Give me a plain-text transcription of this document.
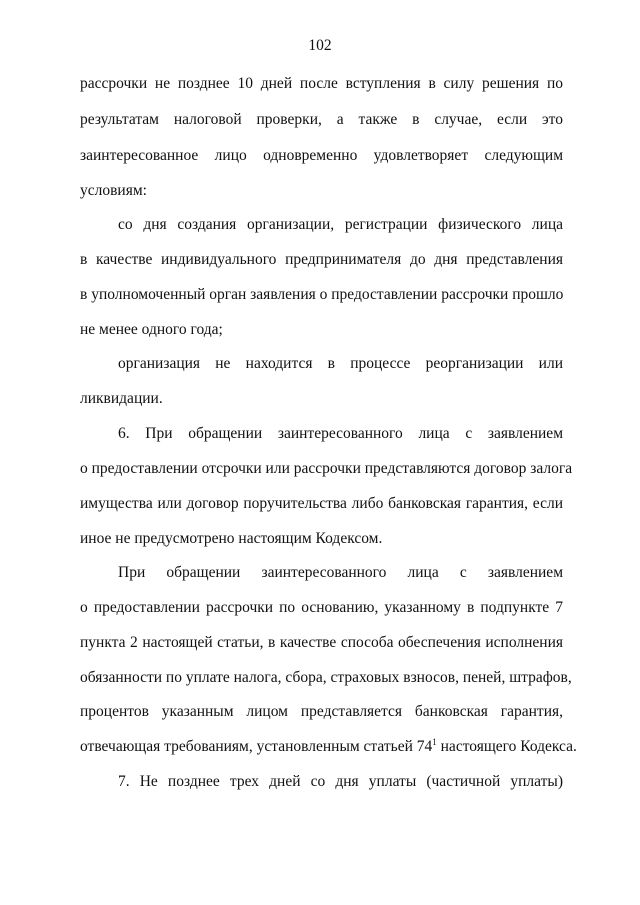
102
рассрочки не позднее 10 дней после вступления в силу решения по
результатам налоговой проверки, а также в случае, если это
заинтересованное лицо одновременно удовлетворяет следующим
условиям:
со дня создания организации, регистрации физического лица
в качестве индивидуального предпринимателя до дня представления
в уполномоченный орган заявления о предоставлении рассрочки прошло
не менее одного года;
организация не находится в процессе реорганизации или
ликвидации.
6. При обращении заинтересованного лица с заявлением
о предоставлении отсрочки или рассрочки представляются договор залога
имущества или договор поручительства либо банковская гарантия, если
иное не предусмотрено настоящим Кодексом.
При обращении заинтересованного лица с заявлением
о предоставлении рассрочки по основанию, указанному в подпункте 7
пункта 2 настоящей статьи, в качестве способа обеспечения исполнения
обязанности по уплате налога, сбора, страховых взносов, пеней, штрафов,
процентов указанным лицом представляется банковская гарантия,
отвечающая требованиям, установленным статьей $74^1$ настоящего Кодекса.
7. Не позднее трех дней со дня уплаты (частичной уплаты)
